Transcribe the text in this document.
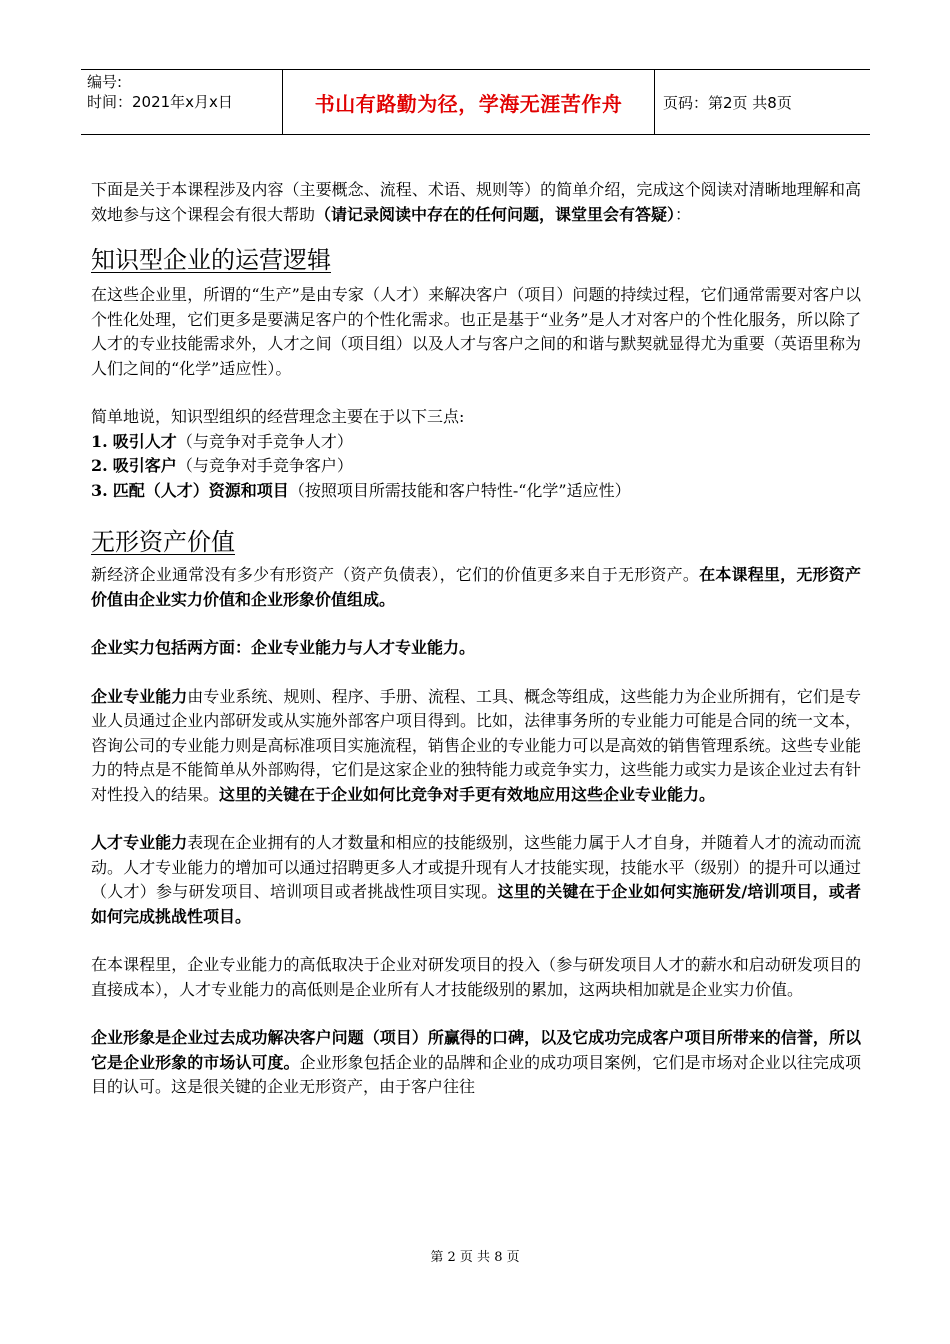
编号:
时间：2021年x月x日	书山有路勤为径，学海无涯苦作舟	页码：第2页 共8页

下面是关于本课程涉及内容（主要概念、流程、术语、规则等）的简单介绍，完成这个阅读对清晰地理解和高效地参与这个课程会有很大帮助（请记录阅读中存在的任何问题，课堂里会有答疑）：

知识型企业的运营逻辑

在这些企业里，所谓的“生产”是由专家（人才）来解决客户（项目）问题的持续过程，它们通常需要对客户以个性化处理，它们更多是要满足客户的个性化需求。也正是基于“业务”是人才对客户的个性化服务，所以除了人才的专业技能需求外，人才之间（项目组）以及人才与客户之间的和谐与默契就显得尤为重要（英语里称为人们之间的“化学”适应性）。

简单地说，知识型组织的经营理念主要在于以下三点:

1. 吸引人才（与竞争对手竞争人才）
2. 吸引客户（与竞争对手竞争客户）
3. 匹配（人才）资源和项目（按照项目所需技能和客户特性-“化学”适应性）
无形资产价值

新经济企业通常没有多少有形资产（资产负债表），它们的价值更多来自于无形资产。在本课程里，无形资产价值由企业实力价值和企业形象价值组成。

企业实力包括两方面：企业专业能力与人才专业能力。

企业专业能力由专业系统、规则、程序、手册、流程、工具、概念等组成，这些能力为企业所拥有，它们是专业人员通过企业内部研发或从实施外部客户项目得到。比如，法律事务所的专业能力可能是合同的统一文本，咨询公司的专业能力则是高标准项目实施流程，销售企业的专业能力可以是高效的销售管理系统。这些专业能力的特点是不能简单从外部购得，它们是这家企业的独特能力或竞争实力，这些能力或实力是该企业过去有针对性投入的结果。这里的关键在于企业如何比竞争对手更有效地应用这些企业专业能力。

人才专业能力表现在企业拥有的人才数量和相应的技能级别，这些能力属于人才自身，并随着人才的流动而流动。人才专业能力的增加可以通过招聘更多人才或提升现有人才技能实现，技能水平（级别）的提升可以通过（人才）参与研发项目、培训项目或者挑战性项目实现。这里的关键在于企业如何实施研发/培训项目，或者如何完成挑战性项目。

在本课程里，企业专业能力的高低取决于企业对研发项目的投入（参与研发项目人才的薪水和启动研发项目的直接成本），人才专业能力的高低则是企业所有人才技能级别的累加，这两块相加就是企业实力价值。

企业形象是企业过去成功解决客户问题（项目）所赢得的口碑，以及它成功完成客户项目所带来的信誉，所以它是企业形象的市场认可度。企业形象包括企业的品牌和企业的成功项目案例，它们是市场对企业以往完成项目的认可。这是很关键的企业无形资产，由于客户往往

第 2 页 共 8 页
